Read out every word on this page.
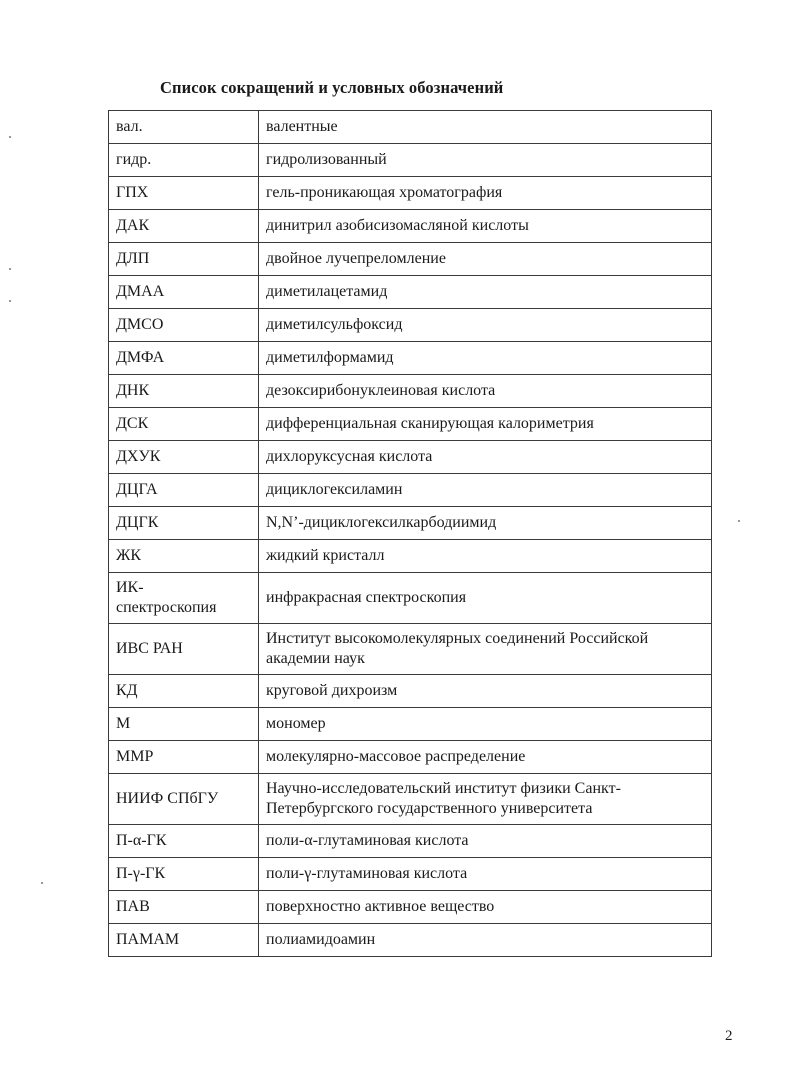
Список сокращений и условных обозначений
вал.	валентные
гидр.	гидролизованный
ГПХ	гель-проникающая хроматография
ДАК	динитрил азобисизомасляной кислоты
ДЛП	двойное лучепреломление
ДМАА	диметилацетамид
ДМСО	диметилсульфоксид
ДМФА	диметилформамид
ДНК	дезоксирибонуклеиновая кислота
ДСК	дифференциальная сканирующая калориметрия
ДХУК	дихлоруксусная кислота
ДЦГА	дициклогексиламин
ДЦГК	N,N’-дициклогексилкарбодиимид
ЖК	жидкий кристалл
ИК-
спектроскопия	инфракрасная спектроскопия
ИВС РАН	Институт высокомолекулярных соединений Российской академии наук
КД	круговой дихроизм
М	мономер
ММР	молекулярно-массовое распределение
НИИФ СПбГУ	Научно-исследовательский институт физики Санкт-Петербургского государственного университета
П-α-ГК	поли-α-глутаминовая кислота
П-γ-ГК	поли-γ-глутаминовая кислота
ПАВ	поверхностно активное вещество
ПАМАМ	полиамидоамин
2
